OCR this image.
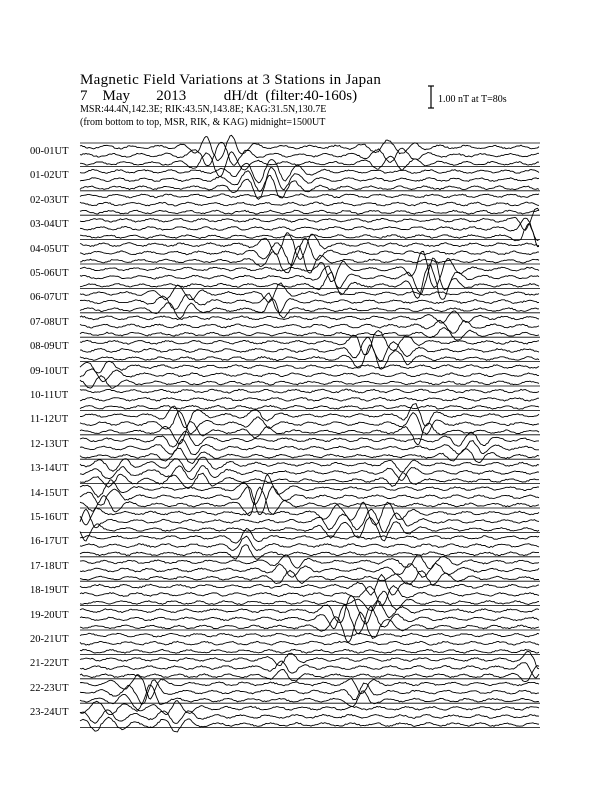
Magnetic Field Variations at 3 Stations in Japan
7 May 2013	dH/dt (filter:40-160s)
MSR:44.4N,142.3E; RIK:43.5N,143.8E; KAG:31.5N,130.7E
(from bottom to top, MSR, RIK, & KAG) midnight=1500UT
1.00 nT at T=80s
00-01UT
01-02UT
02-03UT
03-04UT
04-05UT
05-06UT
06-07UT
07-08UT
08-09UT
09-10UT
10-11UT
11-12UT
12-13UT
13-14UT
14-15UT
15-16UT
16-17UT
17-18UT
18-19UT
19-20UT
20-21UT
21-22UT
22-23UT
23-24UT
